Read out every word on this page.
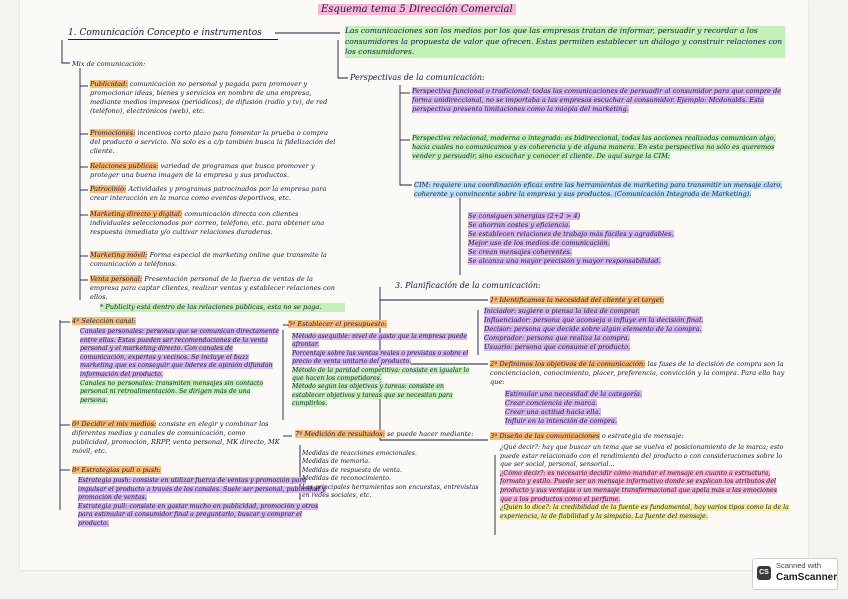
Esquema tema 5 Dirección Comercial
1. Comunicación Concepto e instrumentos
Mix de comunicación:
Publicidad: comunicación no personal y pagada para promover y promocionar ideas, bienes y servicios en nombre de una empresa, mediante medios impresos (periódicos), de difusión (radio y tv), de red (teléfono), electrónicos (web), etc.
Promociones: incentivos corto plazo para fomentar la prueba o compra del producto o servicio. No solo es a c/p también busca la fidelización del cliente.
Relaciones públicas: variedad de programas que busca promover y proteger una buena imagen de la empresa y sus productos.
Patrocinio: Actividades y programas patrocinados por la empresa para crear interacción en la marca como eventos deportivos, etc.
Marketing directo y digital: comunicación directa con clientes individuales seleccionados por correo, teléfono, etc. para obtener una respuesta inmediata y/o cultivar relaciones duraderas.
Marketing móvil: Forma especial de marketing online que transmite la comunicación a teléfonos.
Venta personal: Presentación personal de la fuerza de ventas de la empresa para captar clientes, realizar ventas y establecer relaciones con ellos.
* Publicity está dentro de las relaciones públicas, esta no se paga.
Las comunicaciones son los medios por los que las empresas tratan de informar, persuadir y recordar a los consumidores la propuesta de valor que ofrecen. Estas permiten establecer un diálogo y construir relaciones con los consumidores.
Perspectivas de la comunicación:
Perspectiva funcional o tradicional: todas las comunicaciones de persuadir al consumidor para que compre de forma unidireccional, no se importaba a las empresas escuchar al consumidor. Ejemplo: Mcdonalds. Esta perspectiva presenta limitaciones como la miopía del marketing.
Perspectiva relacional, moderna o integrada: es bidireccional, todas las acciones realizadas comunican algo, hacia cuales no comunicamos y es coherencia y de alguna manera. En esta perspectiva no sólo es queremos vender y persuadir, sino escuchar y conocer el cliente. De aquí surge la CIM:
CIM: requiere una coordinación eficaz entre las herramientas de marketing para transmitir un mensaje claro, coherente y convincente sobre la empresa y sus productos. (Comunicación Integrada de Marketing).
Se consiguen sinergias (2+2 > 4)
Se ahorran costes y eficiencia.
Se establecen relaciones de trabajo más fáciles y agradables.
Mejor uso de los medios de comunicación.
Se crean mensajes coherentes.
Se alcanza una mayor precisión y mayor responsabilidad.
3. Planificación de la comunicación:
1º Identificamos la necesidad del cliente y el target:
Iniciador: sugiere o piensa la idea de comprar.
Influenciador: persona que aconseja o influye en la decisión final.
Decisor: persona que decide sobre algún elemento de la compra.
Comprador: persona que realiza la compra.
Usuario: persona que consume el producto.
2º Definimos los objetivos de la comunicación: las fases de la decisión de compra son la concienciación, conocimiento, placer, preferencia, convicción y la compra. Para ello hay que:
Estimular una necesidad de la categoría.
Crear conciencia de marca.
Crear una actitud hacia ella.
Influir en la intención de compra.
3º Diseño de las comunicaciones o estrategia de mensaje:
¿Qué decir?: hay que buscar un tema que se vuelva el posicionamiento de la marca; esto puede estar relacionado con el rendimiento del producto o con consideraciones sobre lo que ser social, personal, sensorial...
¿Cómo decir?: es necesario decidir cómo mandar el mensaje en cuanto a estructura, formato y estilo. Puede ser un mensaje informativo donde se explican los atributos del producto y sus ventajas o un mensaje transformacional que apela más a las emociones que a los productos como el perfume.
¿Quién lo dice?: la credibilidad de la fuente es fundamental, hay varios tipos como la de la experiencia, la de fiabilidad y la simpatía. La fuente del mensaje.
4º Selección canal:
Canales personales: personas que se comunican directamente entre ellas. Estas pueden ser recomendaciones de la venta personal y el marketing directo. Con canales de comunicación, expertos y vecinos. Se incluye el buzz marketing que es conseguir que líderes de opinión difundan información del producto.
Canales no personales: transmiten mensajes sin contacto personal ni retroalimentación. Se dirigen más de una persona.
6º Decidir el mix medios: consiste en elegir y combinar los diferentes medios y canales de comunicación, como publicidad, promoción, RRPP, venta personal, MK directo, MK móvil, etc.
8º Estrategias pull o push:
Estrategia push: consiste en utilizar fuerza de ventas y promoción para impulsar el producto a través de los canales. Suele ser personal, publicidad y promoción de ventas.
Estrategia pull: consiste en gastar mucho en publicidad, promoción y otros para estimular al consumidor final a preguntarlo, buscar y comprar el producto.
5º Establecer el presupuesto:
Método asequible: nivel de gasto que la empresa puede afrontar.
Porcentaje sobre las ventas reales o previstas o sobre el precio de venta unitario del producto.
Método de la paridad competitiva: consiste en igualar lo que hacen los competidores.
Método según los objetivos y tareas: consiste en establecer objetivos y tareas que se necesitan para cumplirlos.
7º Medición de resultados: se puede hacer mediante:
Medidas de reacciones emocionales.
Medidas de memoria.
Medidas de respuesta de venta.
Medidas de reconocimiento.
Las principales herramientas son encuestas, entrevistas en redes sociales, etc.
CS
Scanned with
CamScanner
